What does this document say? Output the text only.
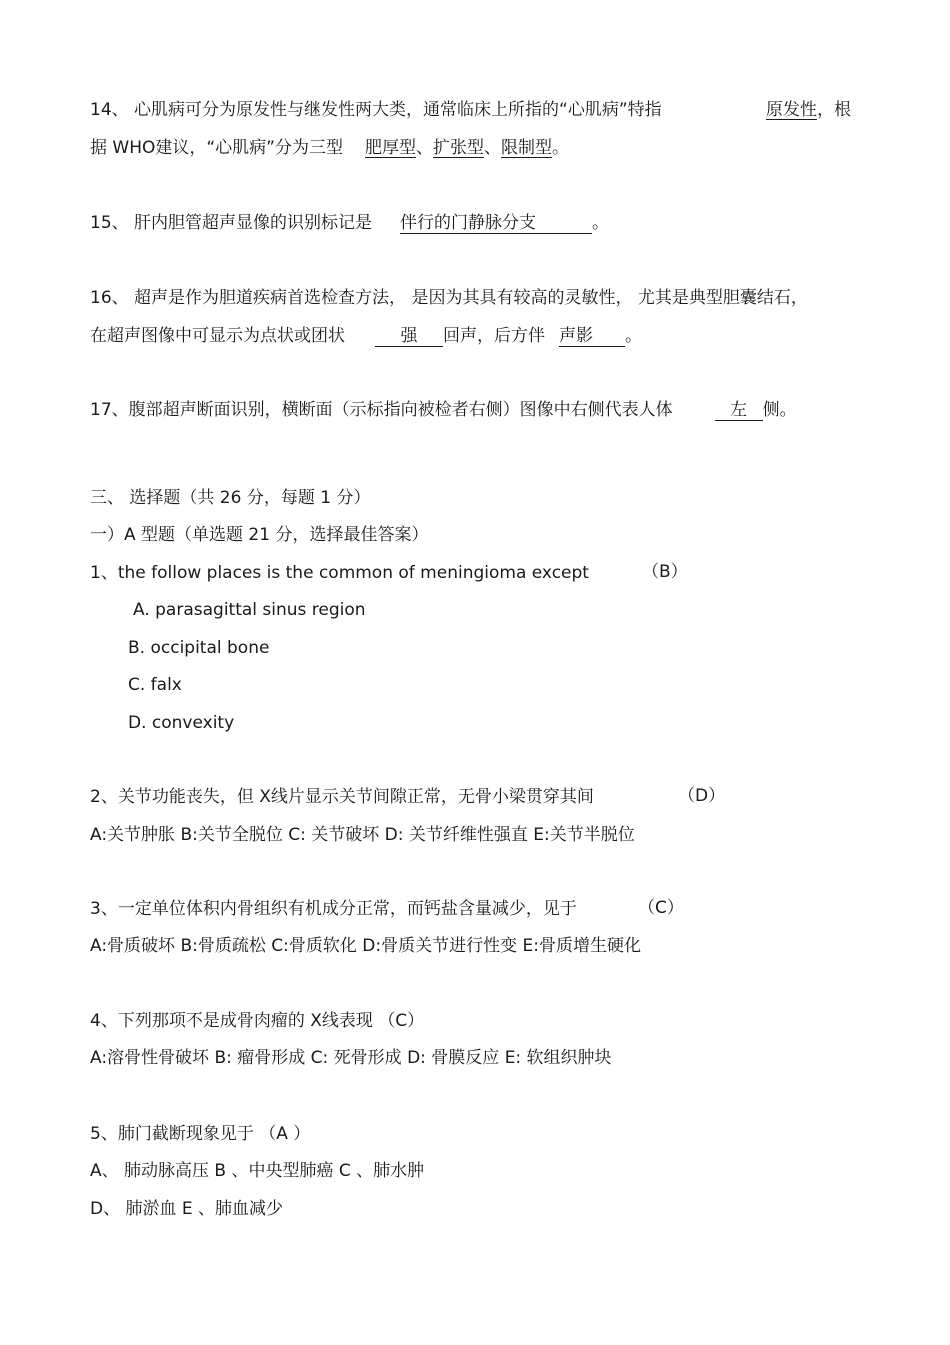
14、 心肌病可分为原发性与继发性两大类，通常临床上所指的“心肌病”特指	原发性，根
据 WHO建议，“心肌病”分为三型 肥厚型、扩张型、限制型。
15、 肝内胆管超声显像的识别标记是 伴行的门静脉分支	。
16、 超声是作为胆道疾病首选检查方法， 是因为其具有较高的灵敏性， 尤其是典型胆囊结石，
在超声图像中可显示为点状或团状	强 回声，后方伴 声影 。
17、腹部超声断面识别，横断面（示标指向被检者右侧）图像中右侧代表人体	左 侧。
三、 选择题（共 26 分，每题 1 分）
一）A 型题（单选题 21 分，选择最佳答案）
1、the follow places is the common of meningioma except	（B）
A. parasagittal sinus region
B. occipital bone
C. falx
D. convexity
2、关节功能丧失，但 X线片显示关节间隙正常，无骨小梁贯穿其间	（D）
A:关节肿胀 B:关节全脱位 C: 关节破坏 D: 关节纤维性强直 E:关节半脱位
3、一定单位体积内骨组织有机成分正常，而钙盐含量减少，见于	（C）
A:骨质破坏 B:骨质疏松 C:骨质软化 D:骨质关节进行性变 E:骨质增生硬化
4、下列那项不是成骨肉瘤的 X线表现 （C）
A:溶骨性骨破坏 B: 瘤骨形成 C: 死骨形成 D: 骨膜反应 E: 软组织肿块
5、肺门截断现象见于 （A ）
A、 肺动脉高压 B 、中央型肺癌 C 、肺水肿
D、 肺淤血 E 、肺血减少
